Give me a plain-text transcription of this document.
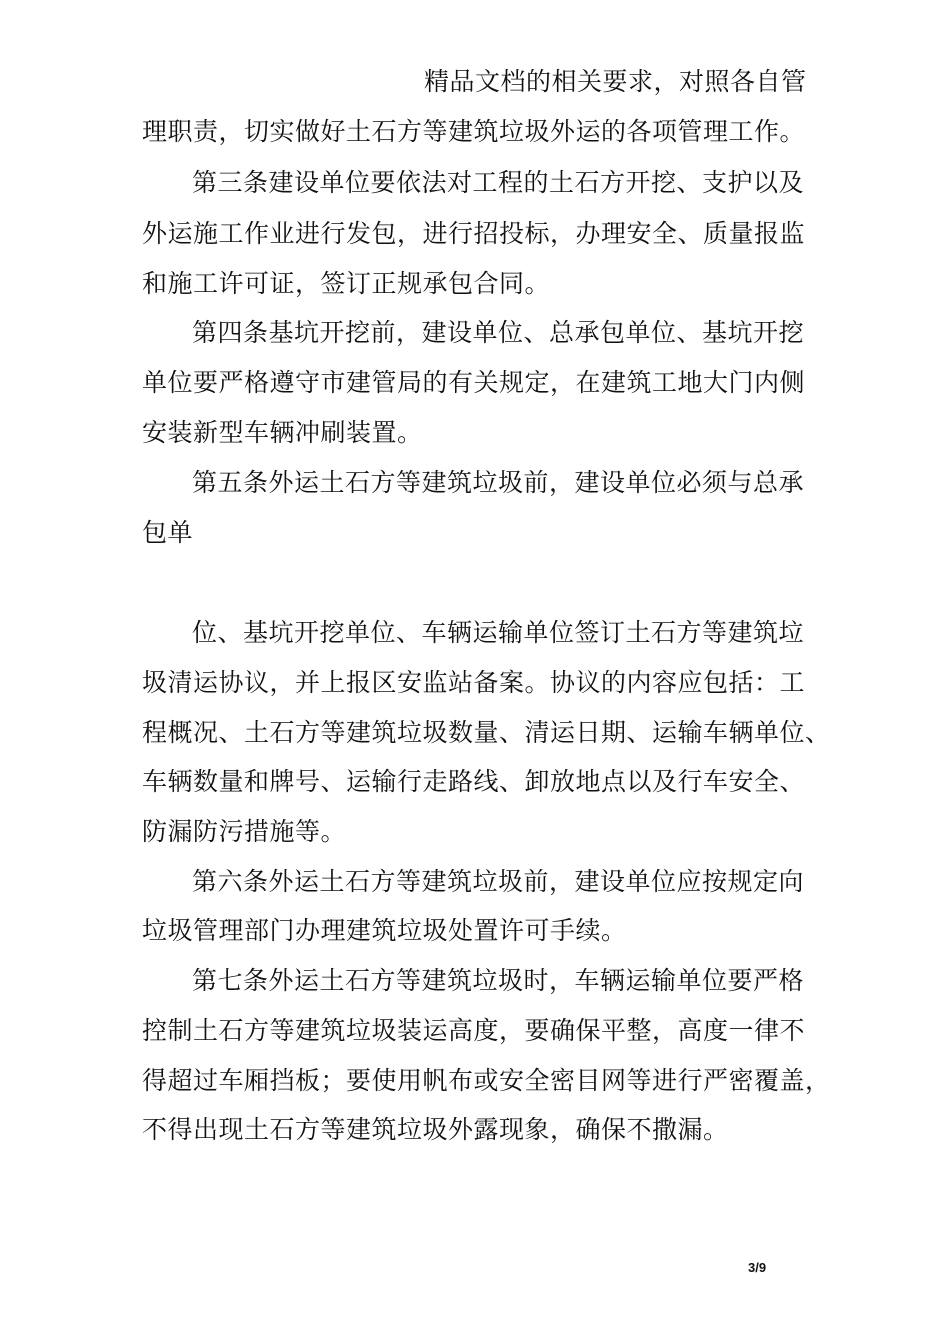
精品文档的相关要求，对照各自管
理职责，切实做好土石方等建筑垃圾外运的各项管理工作。
第三条建设单位要依法对工程的土石方开挖、支护以及
外运施工作业进行发包，进行招投标，办理安全、质量报监
和施工许可证，签订正规承包合同。
第四条基坑开挖前，建设单位、总承包单位、基坑开挖
单位要严格遵守市建管局的有关规定，在建筑工地大门内侧
安装新型车辆冲刷装置。
第五条外运土石方等建筑垃圾前，建设单位必须与总承
包单
位、基坑开挖单位、车辆运输单位签订土石方等建筑垃
圾清运协议，并上报区安监站备案。协议的内容应包括：工
程概况、土石方等建筑垃圾数量、清运日期、运输车辆单位、
车辆数量和牌号、运输行走路线、卸放地点以及行车安全、
防漏防污措施等。
第六条外运土石方等建筑垃圾前，建设单位应按规定向
垃圾管理部门办理建筑垃圾处置许可手续。
第七条外运土石方等建筑垃圾时，车辆运输单位要严格
控制土石方等建筑垃圾装运高度，要确保平整，高度一律不
得超过车厢挡板；要使用帆布或安全密目网等进行严密覆盖，
不得出现土石方等建筑垃圾外露现象，确保不撒漏。
3/9
